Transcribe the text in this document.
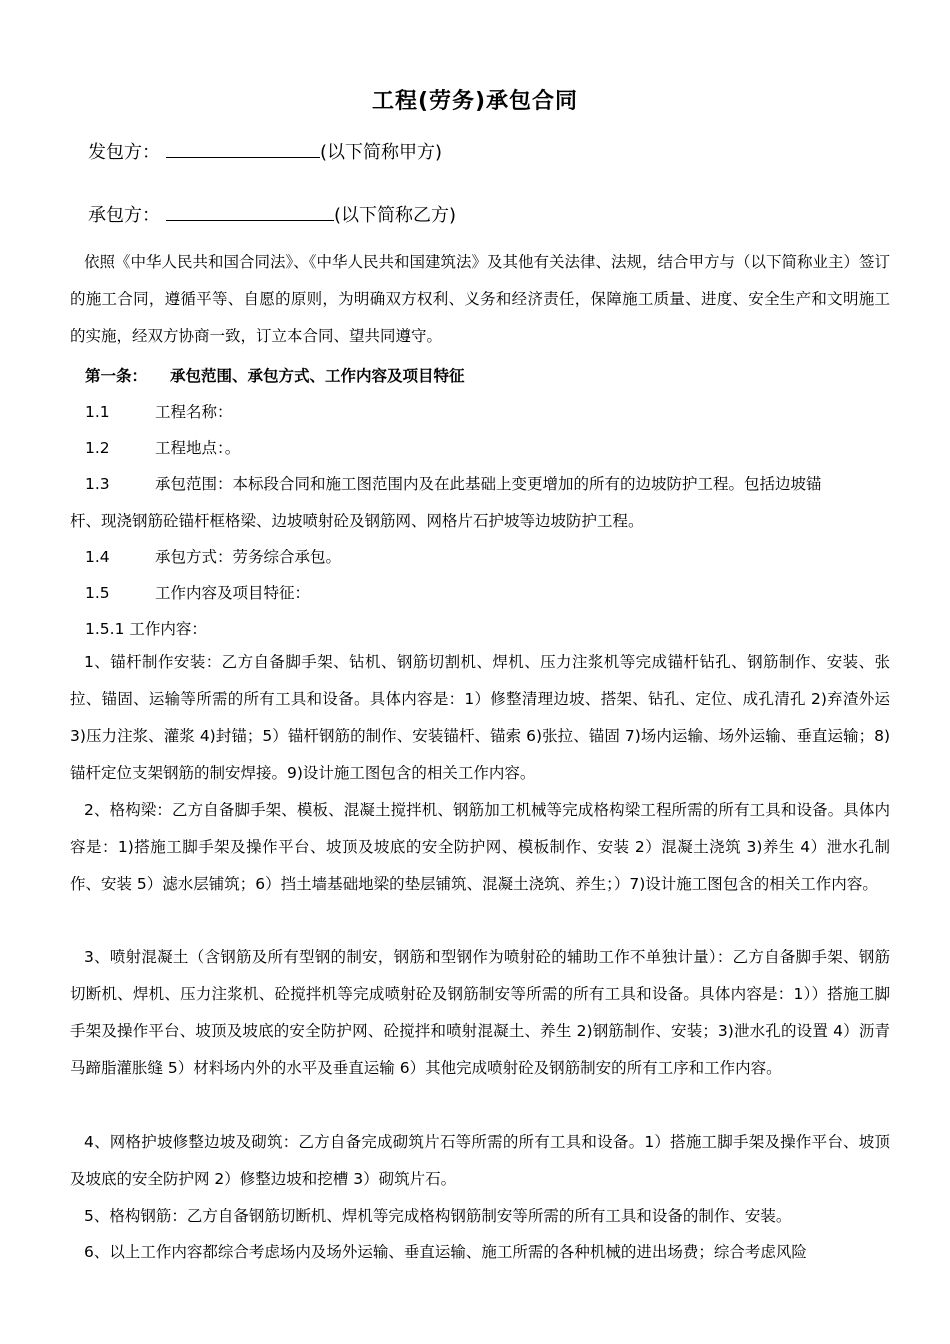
工程(劳务)承包合同
发包方：	(以下简称甲方)
承包方：	(以下简称乙方)
依照《中华人民共和国合同法》、《中华人民共和国建筑法》及其他有关法律、法规，结合甲方与（以下简称业主）签订的施工合同，遵循平等、自愿的原则，为明确双方权利、义务和经济责任，保障施工质量、进度、安全生产和文明施工的实施，经双方协商一致，订立本合同、望共同遵守。
第一条： 承包范围、承包方式、工作内容及项目特征
1.1	工程名称：
1.2	工程地点：。
1.3	承包范围：本标段合同和施工图范围内及在此基础上变更增加的所有的边坡防护工程。包括边坡锚
杆、现浇钢筋砼锚杆框格梁、边坡喷射砼及钢筋网、网格片石护坡等边坡防护工程。
1.4	承包方式：劳务综合承包。
1.5	工作内容及项目特征：
1.5.1 工作内容：
1、锚杆制作安装：乙方自备脚手架、钻机、钢筋切割机、焊机、压力注浆机等完成锚杆钻孔、钢筋制作、安装、张拉、锚固、运输等所需的所有工具和设备。具体内容是：1）修整清理边坡、搭架、钻孔、定位、成孔清孔 2)弃渣外运 3)压力注浆、灌浆 4)封锚；5）锚杆钢筋的制作、安装锚杆、锚索 6)张拉、锚固 7)场内运输、场外运输、垂直运输；8)锚杆定位支架钢筋的制安焊接。9)设计施工图包含的相关工作内容。
2、格构梁：乙方自备脚手架、模板、混凝土搅拌机、钢筋加工机械等完成格构梁工程所需的所有工具和设备。具体内容是：1)搭施工脚手架及操作平台、坡顶及坡底的安全防护网、模板制作、安装 2）混凝土浇筑 3)养生 4）泄水孔制作、安装 5）滤水层铺筑；6）挡土墙基础地梁的垫层铺筑、混凝土浇筑、养生；）7)设计施工图包含的相关工作内容。
3、喷射混凝土（含钢筋及所有型钢的制安，钢筋和型钢作为喷射砼的辅助工作不单独计量）：乙方自备脚手架、钢筋切断机、焊机、压力注浆机、砼搅拌机等完成喷射砼及钢筋制安等所需的所有工具和设备。具体内容是：1））搭施工脚手架及操作平台、坡顶及坡底的安全防护网、砼搅拌和喷射混凝土、养生 2)钢筋制作、安装；3)泄水孔的设置 4）沥青马蹄脂灌胀缝 5）材料场内外的水平及垂直运输 6）其他完成喷射砼及钢筋制安的所有工序和工作内容。
4、网格护坡修整边坡及砌筑：乙方自备完成砌筑片石等所需的所有工具和设备。1）搭施工脚手架及操作平台、坡顶及坡底的安全防护网 2）修整边坡和挖槽 3）砌筑片石。
5、格构钢筋：乙方自备钢筋切断机、焊机等完成格构钢筋制安等所需的所有工具和设备的制作、安装。
6、以上工作内容都综合考虑场内及场外运输、垂直运输、施工所需的各种机械的进出场费；综合考虑风险
